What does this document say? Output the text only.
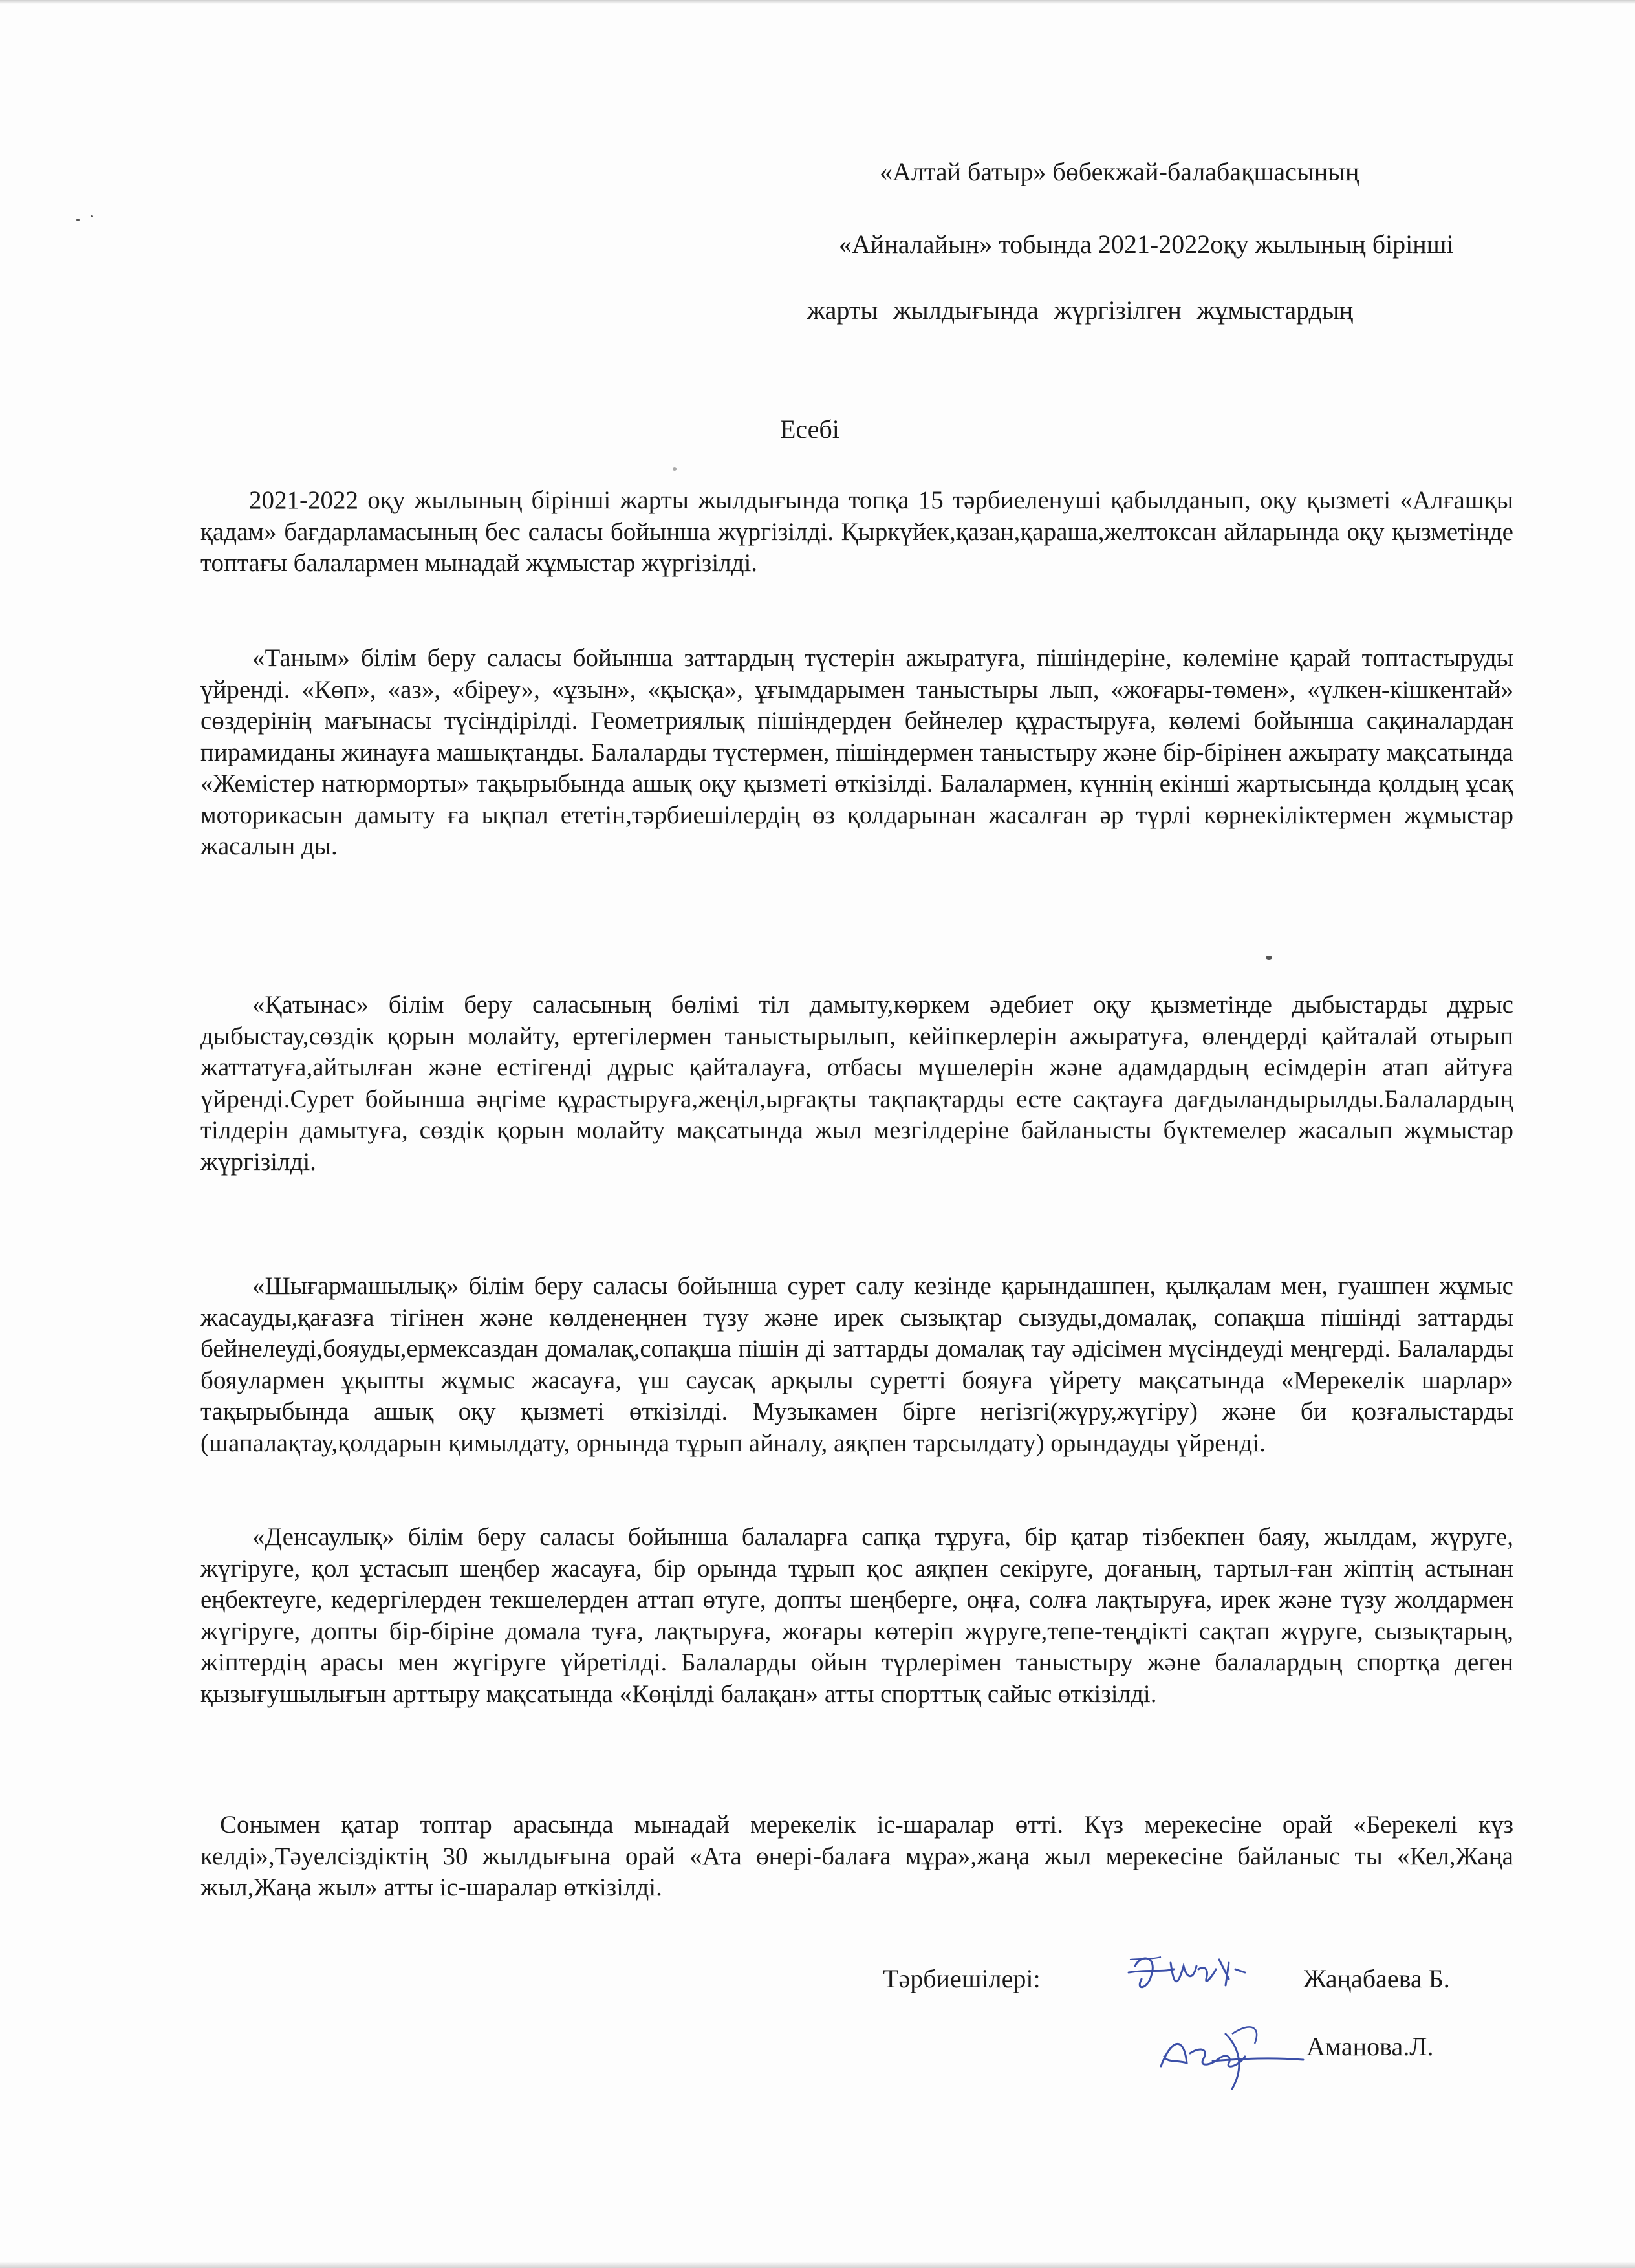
«Алтай батыр» бөбекжай-балабақшасының
«Айналайын» тобында 2021-2022оқу жылының бірінші
жарты жылдығында жүргізілген жұмыстардың
Есебі
2021-2022 оқу жылының бірінші жарты жылдығында топқа 15 тәрбиеленуші қабылданып, оқу қызметі «Алғашқы қадам» бағдарламасының бес саласы бойынша жүргізілді. Қыркүйек,қазан,қараша,желтоксан айларында оқу қызметінде топтағы балалармен мынадай жұмыстар жүргізілді.
«Таным» білім беру саласы бойынша заттардың түстерін ажыратуға, пішіндеріне, көлеміне қарай топтастыруды үйренді. «Көп», «аз», «біреу», «ұзын», «қысқа», ұғымдарымен таныстыры лып, «жоғары-төмен», «үлкен-кішкентай» сөздерінің мағынасы түсіндірілді. Геометриялық пішіндерден бейнелер құрастыруға, көлемі бойынша сақиналардан пирамиданы жинауға машықтанды. Балаларды түстермен, пішіндермен таныстыру және бір-бірінен ажырату мақсатында «Жемістер натюрморты» тақырыбында ашық оқу қызметі өткізілді. Балалармен, күннің екінші жартысында қолдың ұсақ моторикасын дамыту ға ықпал ететін,тәрбиешілердің өз қолдарынан жасалған әр түрлі көрнекіліктермен жұмыстар жасалын ды.
«Қатынас» білім беру саласының бөлімі тіл дамыту,көркем әдебиет оқу қызметінде дыбыстарды дұрыс дыбыстау,сөздік қорын молайту, ертегілермен таныстырылып, кейіпкерлерін ажыратуға, өлеңдерді қайталай отырып жаттатуға,айтылған және естігенді дұрыс қайталауға, отбасы мүшелерін және адамдардың есімдерін атап айтуға үйренді.Сурет бойынша әңгіме құрастыруға,жеңіл,ырғақты тақпақтарды есте сақтауға дағдыландырылды.Балалардың тілдерін дамытуға, сөздік қорын молайту мақсатында жыл мезгілдеріне байланысты бүктемелер жасалып жұмыстар жүргізілді.
«Шығармашылық» білім беру саласы бойынша сурет салу кезінде қарындашпен, қылқалам мен, гуашпен жұмыс жасауды,қағазға тігінен және көлденеңнен түзу және ирек сызықтар сызуды,домалақ, сопақша пішінді заттарды бейнелеуді,бояуды,ермексаздан домалақ,сопақша пішін ді заттарды домалақ тау әдісімен мүсіндеуді меңгерді. Балаларды бояулармен ұқыпты жұмыс жасауға, үш саусақ арқылы суретті бояуға үйрету мақсатында «Мерекелік шарлар» тақырыбында ашық оқу қызметі өткізілді. Музыкамен бірге негізгі(жүру,жүгіру) және би қозғалыстарды (шапалақтау,қолдарын қимылдату, орнында тұрып айналу, аяқпен тарсылдату) орындауды үйренді.
«Денсаулық» білім беру саласы бойынша балаларға сапқа тұруға, бір қатар тізбекпен баяу, жылдам, жүруге, жүгіруге, қол ұстасып шеңбер жасауға, бір орында тұрып қос аяқпен секіруге, доғаның, тартыл-ған жіптің астынан еңбектеуге, кедергілерден текшелерден аттап өтуге, допты шеңберге, оңға, солға лақтыруға, ирек және түзу жолдармен жүгіруге, допты бір-біріне домала туға, лақтыруға, жоғары көтеріп жүруге,тепе-теңдікті сақтап жүруге, сызықтарың, жіптердің арасы мен жүгіруге үйретілді. Балаларды ойын түрлерімен таныстыру және балалардың спортқа деген қызығушылығын арттыру мақсатында «Көңілді балақан» атты спорттық сайыс өткізілді.
Сонымен қатар топтар арасында мынадай мерекелік іс-шаралар өтті. Күз мерекесіне орай «Берекелі күз келді»,Тәуелсіздіктің 30 жылдығына орай «Ата өнері-балаға мұра»,жаңа жыл мерекесіне байланыс ты «Кел,Жаңа жыл,Жаңа жыл» атты іс-шаралар өткізілді.
Тәрбиешілері:	Жаңабаева Б.
Аманова.Л.
